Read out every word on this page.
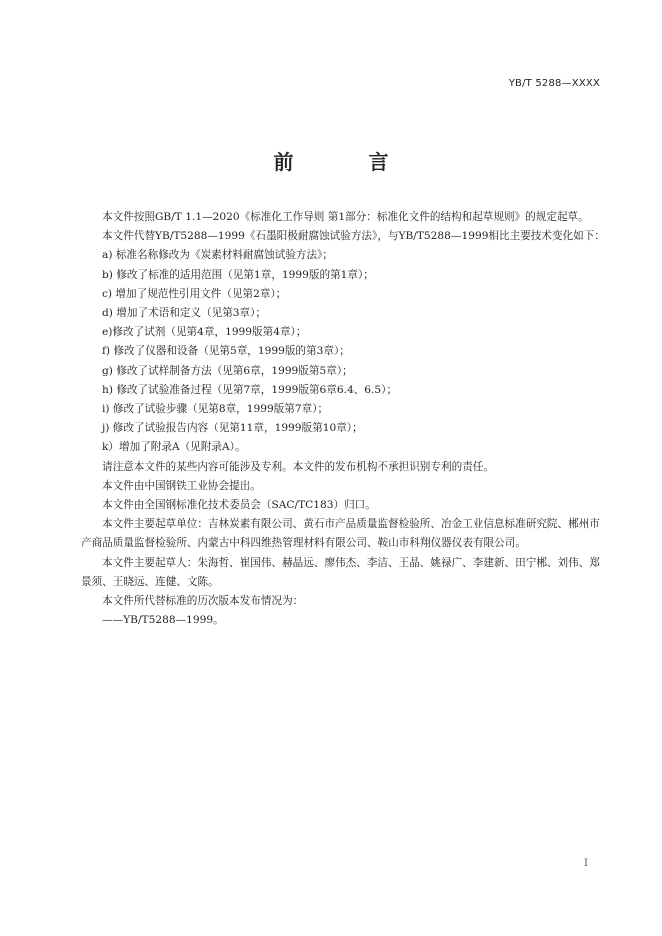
YB/T 5288—XXXX
前 言

本文件按照GB/T 1.1—2020《标准化工作导则 第1部分：标准化文件的结构和起草规则》的规定起草。

本文件代替YB/T5288—1999《石墨阳极耐腐蚀试验方法》，与YB/T5288—1999相比主要技术变化如下：

a) 标准名称修改为《炭素材料耐腐蚀试验方法》；

b) 修改了标准的适用范围（见第1章，1999版的第1章）；

c) 增加了规范性引用文件（见第2章）；

d) 增加了术语和定义（见第3章）；

e)修改了试剂（见第4章，1999版第4章）；

f) 修改了仪器和设备（见第5章，1999版的第3章）；

g) 修改了试样制备方法（见第6章，1999版第5章）；

h) 修改了试验准备过程（见第7章，1999版第6章6.4、6.5）；

i) 修改了试验步骤（见第8章，1999版第7章）；

j) 修改了试验报告内容（见第11章，1999版第10章）；

k）增加了附录A（见附录A）。

请注意本文件的某些内容可能涉及专利。本文件的发布机构不承担识别专利的责任。

本文件由中国钢铁工业协会提出。

本文件由全国钢标准化技术委员会（SAC/TC183）归口。

本文件主要起草单位：吉林炭素有限公司、黄石市产品质量监督检验所、冶金工业信息标准研究院、郴州市产商品质量监督检验所、内蒙古中科四维热管理材料有限公司、鞍山市科翔仪器仪表有限公司。

本文件主要起草人：朱海哲、崔国伟、赫晶远、廖伟杰、李洁、王晶、姚禄广、李建新、田宁郴、刘伟、郑景须、王晓远、连健、文陈。

本文件所代替标准的历次版本发布情况为：

——YB/T5288—1999。

I
